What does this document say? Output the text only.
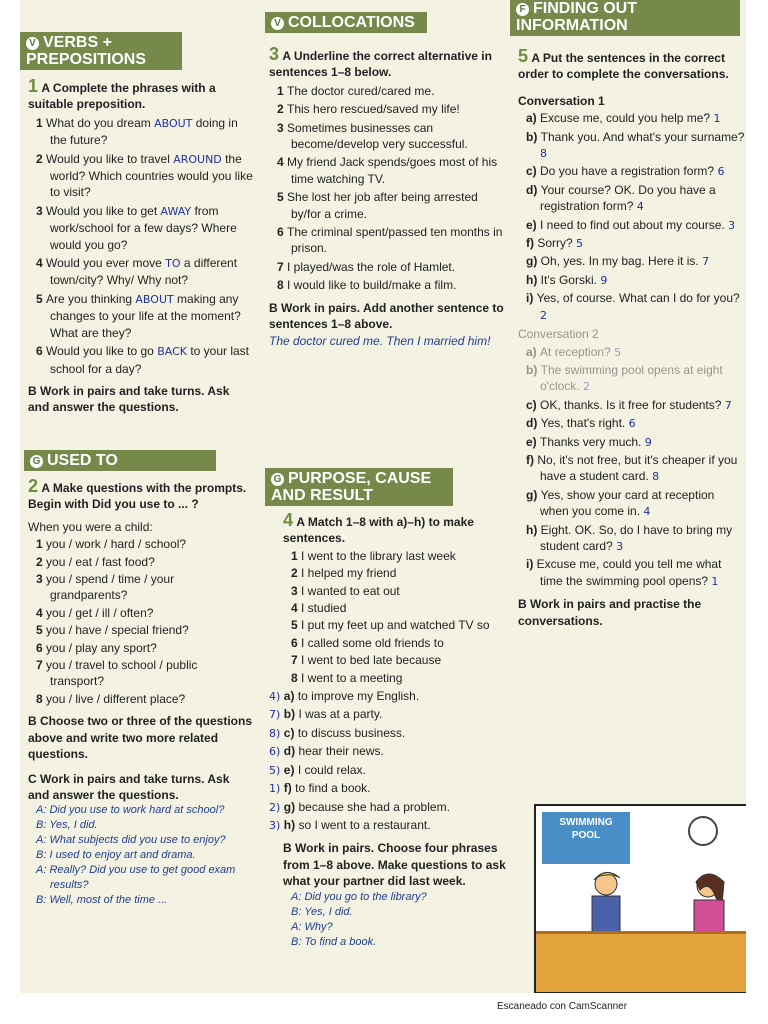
V VERBS +
PREPOSITIONS

1 A Complete the phrases with a suitable preposition.

1 What do you dream ABOUT doing in the future?

2 Would you like to travel AROUND the world? Which countries would you like to visit?

3 Would you like to get AWAY from work/school for a few days? Where would you go?

4 Would you ever move TO a different town/city? Why/ Why not?

5 Are you thinking ABOUT making any changes to your life at the moment? What are they?

6 Would you like to go BACK to your last school for a day?

B Work in pairs and take turns. Ask and answer the questions.

G USED TO

2 A Make questions with the prompts. Begin with Did you use to ... ?

When you were a child:

1 you / work / hard / school?

2 you / eat / fast food?

3 you / spend / time / your grandparents?

4 you / get / ill / often?

5 you / have / special friend?

6 you / play any sport?

7 you / travel to school / public transport?

8 you / live / different place?

B Choose two or three of the questions above and write two more related questions.

C Work in pairs and take turns. Ask and answer the questions.

A: Did you use to work hard at school?

B: Yes, I did.

A: What subjects did you use to enjoy?

B: I used to enjoy art and drama.

A: Really? Did you use to get good exam results?

B: Well, most of the time ...

V COLLOCATIONS

3 A Underline the correct alternative in sentences 1–8 below.

1 The doctor cured/cared me.

2 This hero rescued/saved my life!

3 Sometimes businesses can become/develop very successful.

4 My friend Jack spends/goes most of his time watching TV.

5 She lost her job after being arrested by/for a crime.

6 The criminal spent/passed ten months in prison.

7 I played/was the role of Hamlet.

8 I would like to build/make a film.

B Work in pairs. Add another sentence to sentences 1–8 above.

The doctor cured me. Then I married him!

G PURPOSE, CAUSE
AND RESULT

4 A Match 1–8 with a)–h) to make sentences.

1 I went to the library last week

2 I helped my friend

3 I wanted to eat out

4 I studied

5 I put my feet up and watched TV so

6 I called some old friends to

7 I went to bed late because

8 I went to a meeting

4) a) to improve my English.

7) b) I was at a party.

8) c) to discuss business.

6) d) hear their news.

5) e) I could relax.

1) f) to find a book.

2) g) because she had a problem.

3) h) so I went to a restaurant.

B Work in pairs. Choose four phrases from 1–8 above. Make questions to ask what your partner did last week.

A: Did you go to the library?

B: Yes, I did.

A: Why?

B: To find a book.

F FINDING OUT
INFORMATION

5 A Put the sentences in the correct order to complete the conversations.

Conversation 1

a) Excuse me, could you help me? 1

b) Thank you. And what's your surname? 8

c) Do you have a registration form? 6

d) Your course? OK. Do you have a registration form? 4

e) I need to find out about my course. 3

f) Sorry? 5

g) Oh, yes. In my bag. Here it is. 7

h) It's Gorski. 9

i) Yes, of course. What can I do for you? 2

Conversation 2

a) At reception? 5

b) The swimming pool opens at eight o'clock. 2

c) OK, thanks. Is it free for students? 7

d) Yes, that's right. 6

e) Thanks very much. 9

f) No, it's not free, but it's cheaper if you have a student card. 8

g) Yes, show your card at reception when you come in. 4

h) Eight. OK. So, do I have to bring my student card? 3

i) Excuse me, could you tell me what time the swimming pool opens? 1

B Work in pairs and practise the conversations.

SWIMMING
POOL
Escaneado con CamScanner
